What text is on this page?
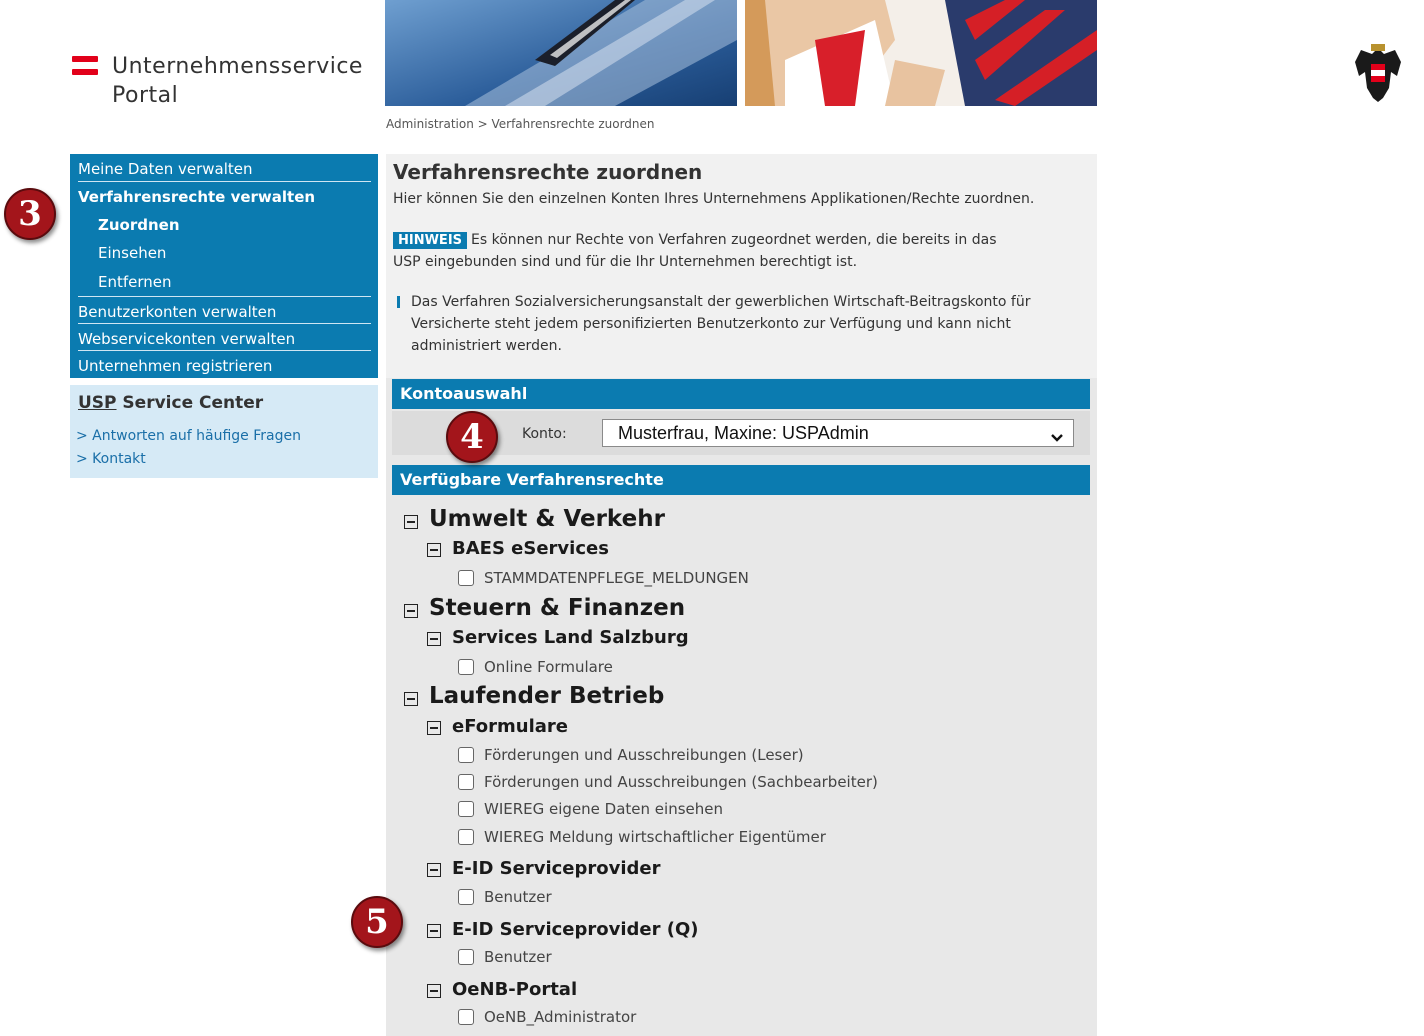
Unternehmensservice
Portal
Administration > Verfahrensrechte zuordnen
Meine Daten verwalten
Verfahrensrechte verwalten
Zuordnen
Einsehen
Entfernen
Benutzerkonten verwalten
Webservicekonten verwalten
Unternehmen registrieren
USP Service Center
> Antworten auf häufige Fragen
> Kontakt
Verfahrensrechte zuordnen
Hier können Sie den einzelnen Konten Ihres Unternehmens Applikationen/Rechte zuordnen.
HINWEIS Es können nur Rechte von Verfahren zugeordnet werden, die bereits in das
USP eingebunden sind und für die Ihr Unternehmen berechtigt ist.
Das Verfahren Sozialversicherungsanstalt der gewerblichen Wirtschaft-Beitragskonto für
Versicherte steht jedem personifizierten Benutzerkonto zur Verfügung und kann nicht
administriert werden.
Kontoauswahl
Konto:	Musterfrau, Maxine: USPAdmin
Verfügbare Verfahrensrechte
Umwelt & Verkehr
BAES eServices
STAMMDATENPFLEGE_MELDUNGEN
Steuern & Finanzen
Services Land Salzburg
Online Formulare
Laufender Betrieb
eFormulare
Förderungen und Ausschreibungen (Leser)
Förderungen und Ausschreibungen (Sachbearbeiter)
WIEREG eigene Daten einsehen
WIEREG Meldung wirtschaftlicher Eigentümer
E-ID Serviceprovider
Benutzer
E-ID Serviceprovider (Q)
Benutzer
OeNB-Portal
OeNB_Administrator
3
4
5
